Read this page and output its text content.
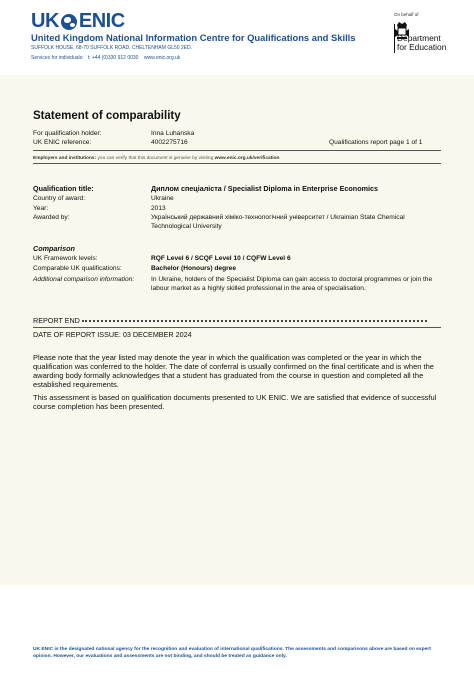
UK ENIC
United Kingdom National Information Centre for Qualifications and Skills
SUFFOLK HOUSE, 68-70 SUFFOLK ROAD, CHELTENHAM GL50 2ED.
Services for individuals: t: +44 (0)330 912 0030 www.enic.org.uk
On behalf of
Department
for Education
Statement of comparability
For qualification holder:	Inna Luhanska
UK ENIC reference:	4002275716	Qualifications report page 1 of 1
Employers and institutions: you can verify that this document is genuine by visiting www.enic.org.uk/verification
Qualification title:	Диплом спеціаліста / Specialist Diploma in Enterprise Economics
Country of award:	Ukraine
Year:	2013
Awarded by:	Український державний хіміко-технологічний університет / Ukrainian State Chemical Technological University
Comparison
UK Framework levels:	RQF Level 6 / SCQF Level 10 / CQFW Level 6
Comparable UK qualifications:	Bachelor (Honours) degree
Additional comparison information:	In Ukraine, holders of the Specialist Diploma can gain access to doctoral programmes or join the labour market as a highly skilled professional in the area of specialisation.
REPORT END
DATE OF REPORT ISSUE: 03 DECEMBER 2024
Please note that the year listed may denote the year in which the qualification was completed or the year in which the qualification was conferred to the holder. The date of conferral is usually confirmed on the final certificate and is when the awarding body formally acknowledges that a student has graduated from the course in question and completed all the established requirements.
This assessment is based on qualification documents presented to UK ENIC. We are satisfied that evidence of successful course completion has been presented.
UK ENIC is the designated national agency for the recognition and evaluation of international qualifications. The assessments and comparisons above are based on expert opinion. However, our evaluations and assessments are not binding, and should be treated as guidance only.
